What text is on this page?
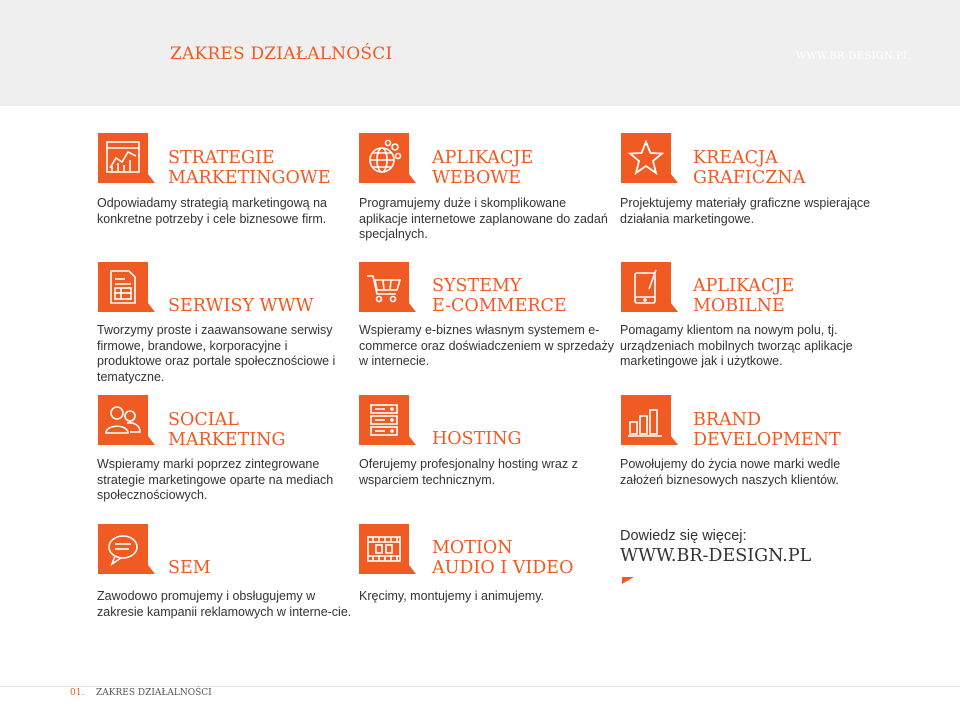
ZAKRES DZIAŁALNOŚCI	WWW.BR-DESIGN.PL
STRATEGIE
MARKETINGOWE
Odpowiadamy strategią marketingową na konkretne potrzeby i cele biznesowe firm.
APLIKACJE
WEBOWE
Programujemy duże i skomplikowane aplikacje internetowe zaplanowane do zadań specjalnych.
KREACJA
GRAFICZNA
Projektujemy materiały graficzne wspierające działania marketingowe.
SERWISY WWW
Tworzymy proste i zaawansowane serwisy firmowe, brandowe, korporacyjne i produktowe oraz portale społecznościowe i tematyczne.
SYSTEMY
E-COMMERCE
Wspieramy e-biznes własnym systemem e-commerce oraz doświadczeniem w sprzedaży w internecie.
APLIKACJE
MOBILNE
Pomagamy klientom na nowym polu, tj. urządzeniach mobilnych tworząc aplikacje marketingowe jak i użytkowe.
SOCIAL
MARKETING
Wspieramy marki poprzez zintegrowane strategie marketingowe oparte na mediach społecznościowych.
HOSTING
Oferujemy profesjonalny hosting wraz z wsparciem technicznym.
BRAND
DEVELOPMENT
Powołujemy do życia nowe marki wedle założeń biznesowych naszych klientów.
SEM
Zawodowo promujemy i obsługujemy w zakresie kampanii reklamowych w interne-cie.
MOTION
AUDIO I VIDEO
Kręcimy, montujemy i animujemy.
Dowiedz się więcej:
WWW.BR-DESIGN.PL
01. ZAKRES DZIAŁALNOŚCI
